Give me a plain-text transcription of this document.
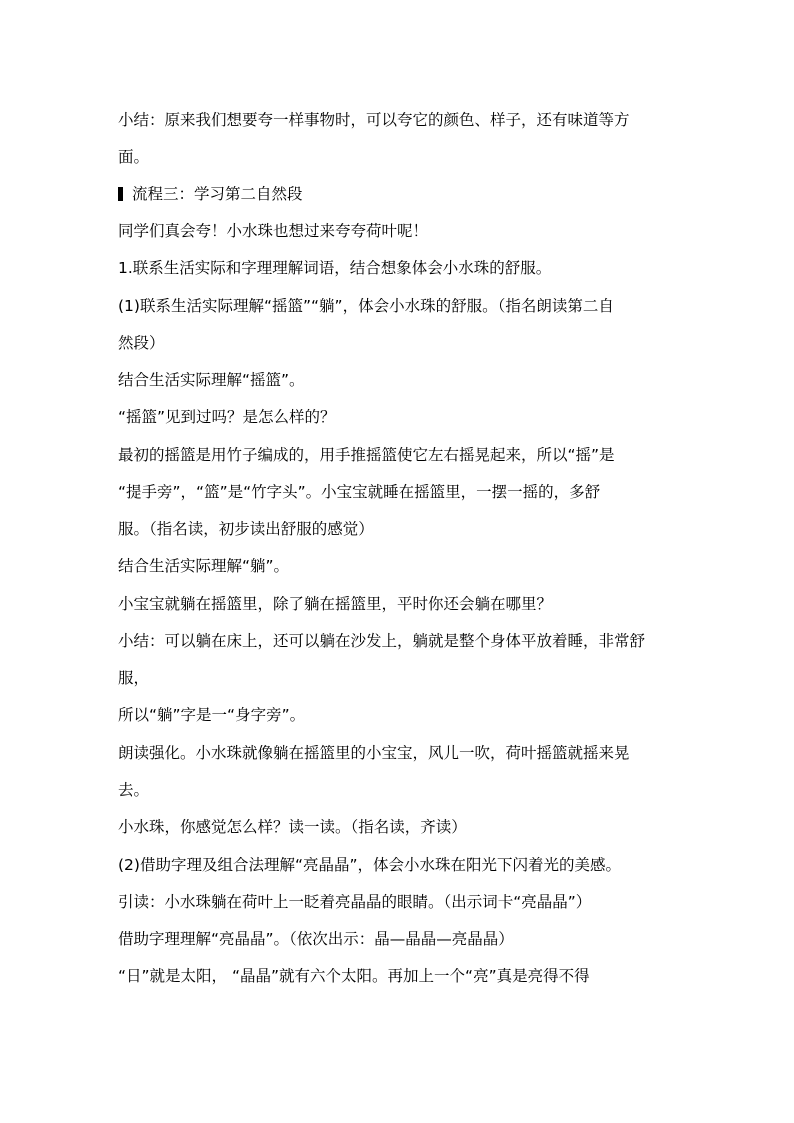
小结：原来我们想要夸一样事物时，可以夸它的颜色、样子，还有味道等方
面。
流程三：学习第二自然段
同学们真会夸！小水珠也想过来夸夸荷叶呢！
1.联系生活实际和字理理解词语，结合想象体会小水珠的舒服。
(1)联系生活实际理解“摇篮”“躺”，体会小水珠的舒服。（指名朗读第二自
然段）
结合生活实际理解“摇篮”。
“摇篮”见到过吗？是怎么样的？
最初的摇篮是用竹子编成的，用手推摇篮使它左右摇晃起来，所以“摇”是
“提手旁”，“篮”是“竹字头”。小宝宝就睡在摇篮里，一摆一摇的，多舒
服。（指名读，初步读出舒服的感觉）
结合生活实际理解“躺”。
小宝宝就躺在摇篮里，除了躺在摇篮里，平时你还会躺在哪里？
小结：可以躺在床上，还可以躺在沙发上，躺就是整个身体平放着睡，非常舒
服，
所以“躺”字是一“身字旁”。
朗读强化。小水珠就像躺在摇篮里的小宝宝，风儿一吹，荷叶摇篮就摇来晃
去。
小水珠，你感觉怎么样？读一读。（指名读，齐读）
(2)借助字理及组合法理解“亮晶晶”，体会小水珠在阳光下闪着光的美感。
引读：小水珠躺在荷叶上一眨着亮晶晶的眼睛。（出示词卡“亮晶晶”）
借助字理理解“亮晶晶”。（依次出示：晶—晶晶—亮晶晶）
“日”就是太阳， “晶晶”就有六个太阳。再加上一个“亮”真是亮得不得
